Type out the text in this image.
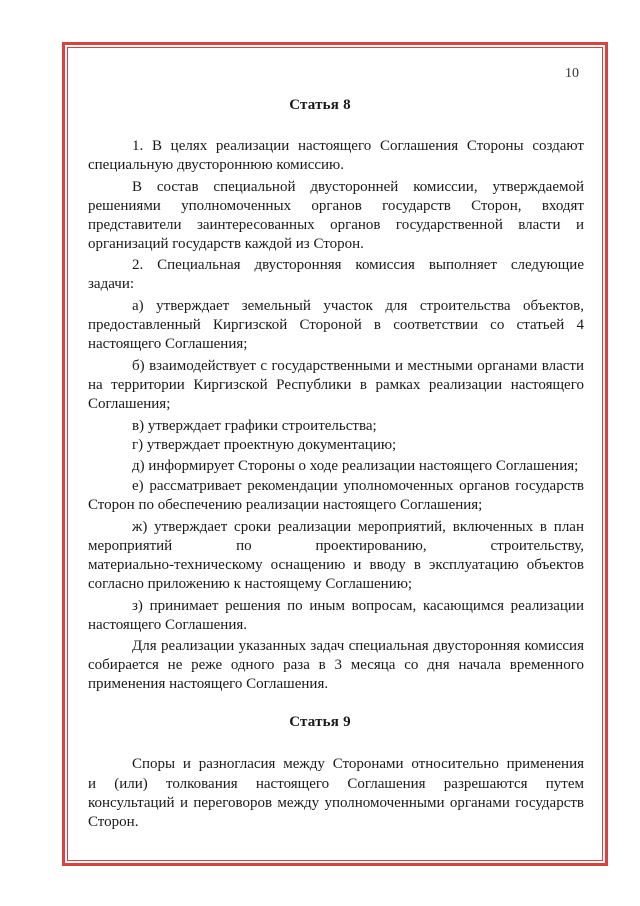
10
Статья 8
1. В целях реализации настоящего Соглашения Стороны создают
специальную двустороннюю комиссию.
В состав специальной двусторонней комиссии, утверждаемой
решениями уполномоченных органов государств Сторон, входят
представители заинтересованных органов государственной власти и
организаций государств каждой из Сторон.
2. Специальная двусторонняя комиссия выполняет следующие
задачи:
а) утверждает земельный участок для строительства объектов,
предоставленный Киргизской Стороной в соответствии со статьей 4
настоящего Соглашения;
б) взаимодействует с государственными и местными органами власти
на территории Киргизской Республики в рамках реализации настоящего
Соглашения;
в) утверждает графики строительства;
г) утверждает проектную документацию;
д) информирует Стороны о ходе реализации настоящего Соглашения;
е) рассматривает рекомендации уполномоченных органов государств
Сторон по обеспечению реализации настоящего Соглашения;
ж) утверждает сроки реализации мероприятий, включенных в план
мероприятий по проектированию, строительству,
материально-техническому оснащению и вводу в эксплуатацию объектов
согласно приложению к настоящему Соглашению;
з) принимает решения по иным вопросам, касающимся реализации
настоящего Соглашения.
Для реализации указанных задач специальная двусторонняя комиссия
собирается не реже одного раза в 3 месяца со дня начала временного
применения настоящего Соглашения.
Статья 9
Споры и разногласия между Сторонами относительно применения
и (или) толкования настоящего Соглашения разрешаются путем
консультаций и переговоров между уполномоченными органами государств
Сторон.
